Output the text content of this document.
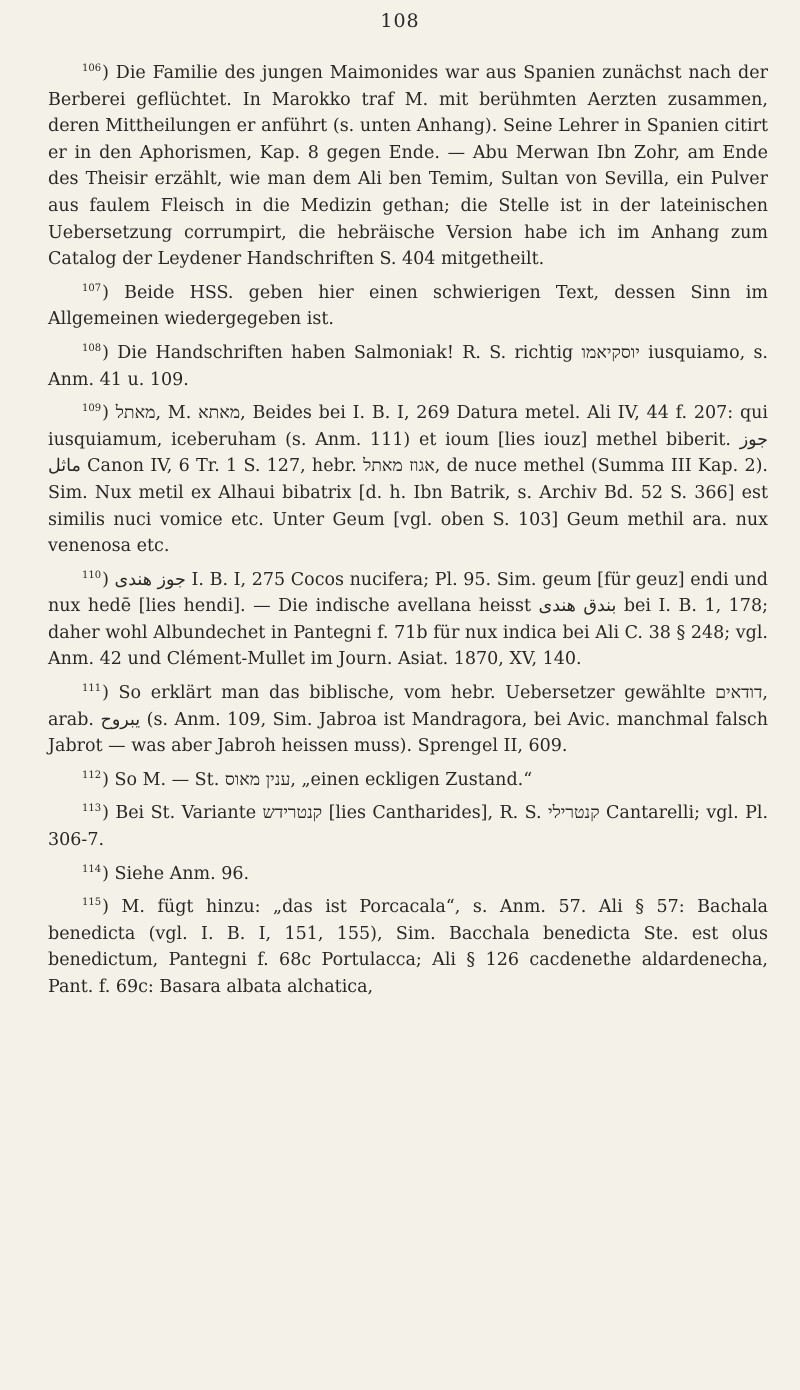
108

$^{106}$) Die Familie des jungen Maimonides war aus Spanien zunächst nach der Berberei geflüchtet. In Marokko traf M. mit berühmten Aerzten zusammen, deren Mittheilungen er anführt (s. unten Anhang). Seine Lehrer in Spanien citirt er in den Aphorismen, Kap. 8 gegen Ende. — Abu Merwan Ibn Zohr, am Ende des Theisir erzählt, wie man dem Ali ben Temim, Sultan von Sevilla, ein Pulver aus faulem Fleisch in die Medizin gethan; die Stelle ist in der lateinischen Uebersetzung corrumpirt, die hebräische Version habe ich im Anhang zum Catalog der Leydener Handschriften S. 404 mitgetheilt.

$^{107}$) Beide HSS. geben hier einen schwierigen Text, dessen Sinn im Allgemeinen wiedergegeben ist.

$^{108}$) Die Handschriften haben Salmoniak! R. S. richtig יוסקיאמו iusquiamo, s. Anm. 41 u. 109.

$^{109}$) מאתל, M. מאתא, Beides bei I. B. I, 269 Datura metel. Ali IV, 44 f. 207: qui iusquiamum, iceberuham (s. Anm. 111) et ioum [lies iouz] methel biberit. جوز ماثل Canon IV, 6 Tr. 1 S. 127, hebr. אגוז מאתל, de nuce methel (Summa III Kap. 2). Sim. Nux metil ex Alhaui bibatrix [d. h. Ibn Batrik, s. Archiv Bd. 52 S. 366] est similis nuci vomice etc. Unter Geum [vgl. oben S. 103] Geum methil ara. nux venenosa etc.

$^{110}$) جوز هندى I. B. I, 275 Cocos nucifera; Pl. 95. Sim. geum [für geuz] endi und nux hedē [lies hendi]. — Die indische avellana heisst بندق هندى bei I. B. 1, 178; daher wohl Albundechet in Pantegni f. 71b für nux indica bei Ali C. 38 § 248; vgl. Anm. 42 und Clément-Mullet im Journ. Asiat. 1870, XV, 140.

$^{111}$) So erklärt man das biblische, vom hebr. Uebersetzer gewählte דודאים, arab. يبروح (s. Anm. 109, Sim. Jabroa ist Mandragora, bei Avic. manchmal falsch Jabrot — was aber Jabroh heissen muss). Sprengel II, 609.

$^{112}$) So M. — St. ענין מאוס, „einen eckligen Zustand.“

$^{113}$) Bei St. Variante קנטרידש [lies Cantharides], R. S. קנטרילי Cantarelli; vgl. Pl. 306-7.

$^{114}$) Siehe Anm. 96.

$^{115}$) M. fügt hinzu: „das ist Porcacala“, s. Anm. 57. Ali § 57: Bachala benedicta (vgl. I. B. I, 151, 155), Sim. Bacchala benedicta Ste. est olus benedictum, Pantegni f. 68c Portulacca; Ali § 126 cacdenethe aldardenecha, Pant. f. 69c: Basara albata alchatica,
